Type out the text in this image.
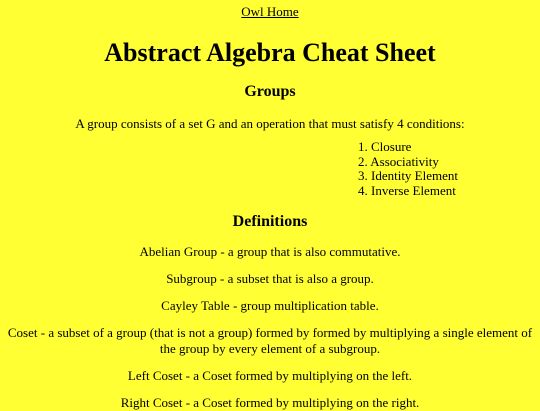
Owl Home
Abstract Algebra Cheat Sheet
Groups

A group consists of a set G and an operation that must satisfy 4 conditions:

1. Closure
2. Associativity
3. Identity Element
4. Inverse Element
Definitions

Abelian Group - a group that is also commutative.

Subgroup - a subset that is also a group.

Cayley Table - group multiplication table.

Coset - a subset of a group (that is not a group) formed by formed by multiplying a single element of the group by every element of a subgroup.

Left Coset - a Coset formed by multiplying on the left.

Right Coset - a Coset formed by multiplying on the right.
